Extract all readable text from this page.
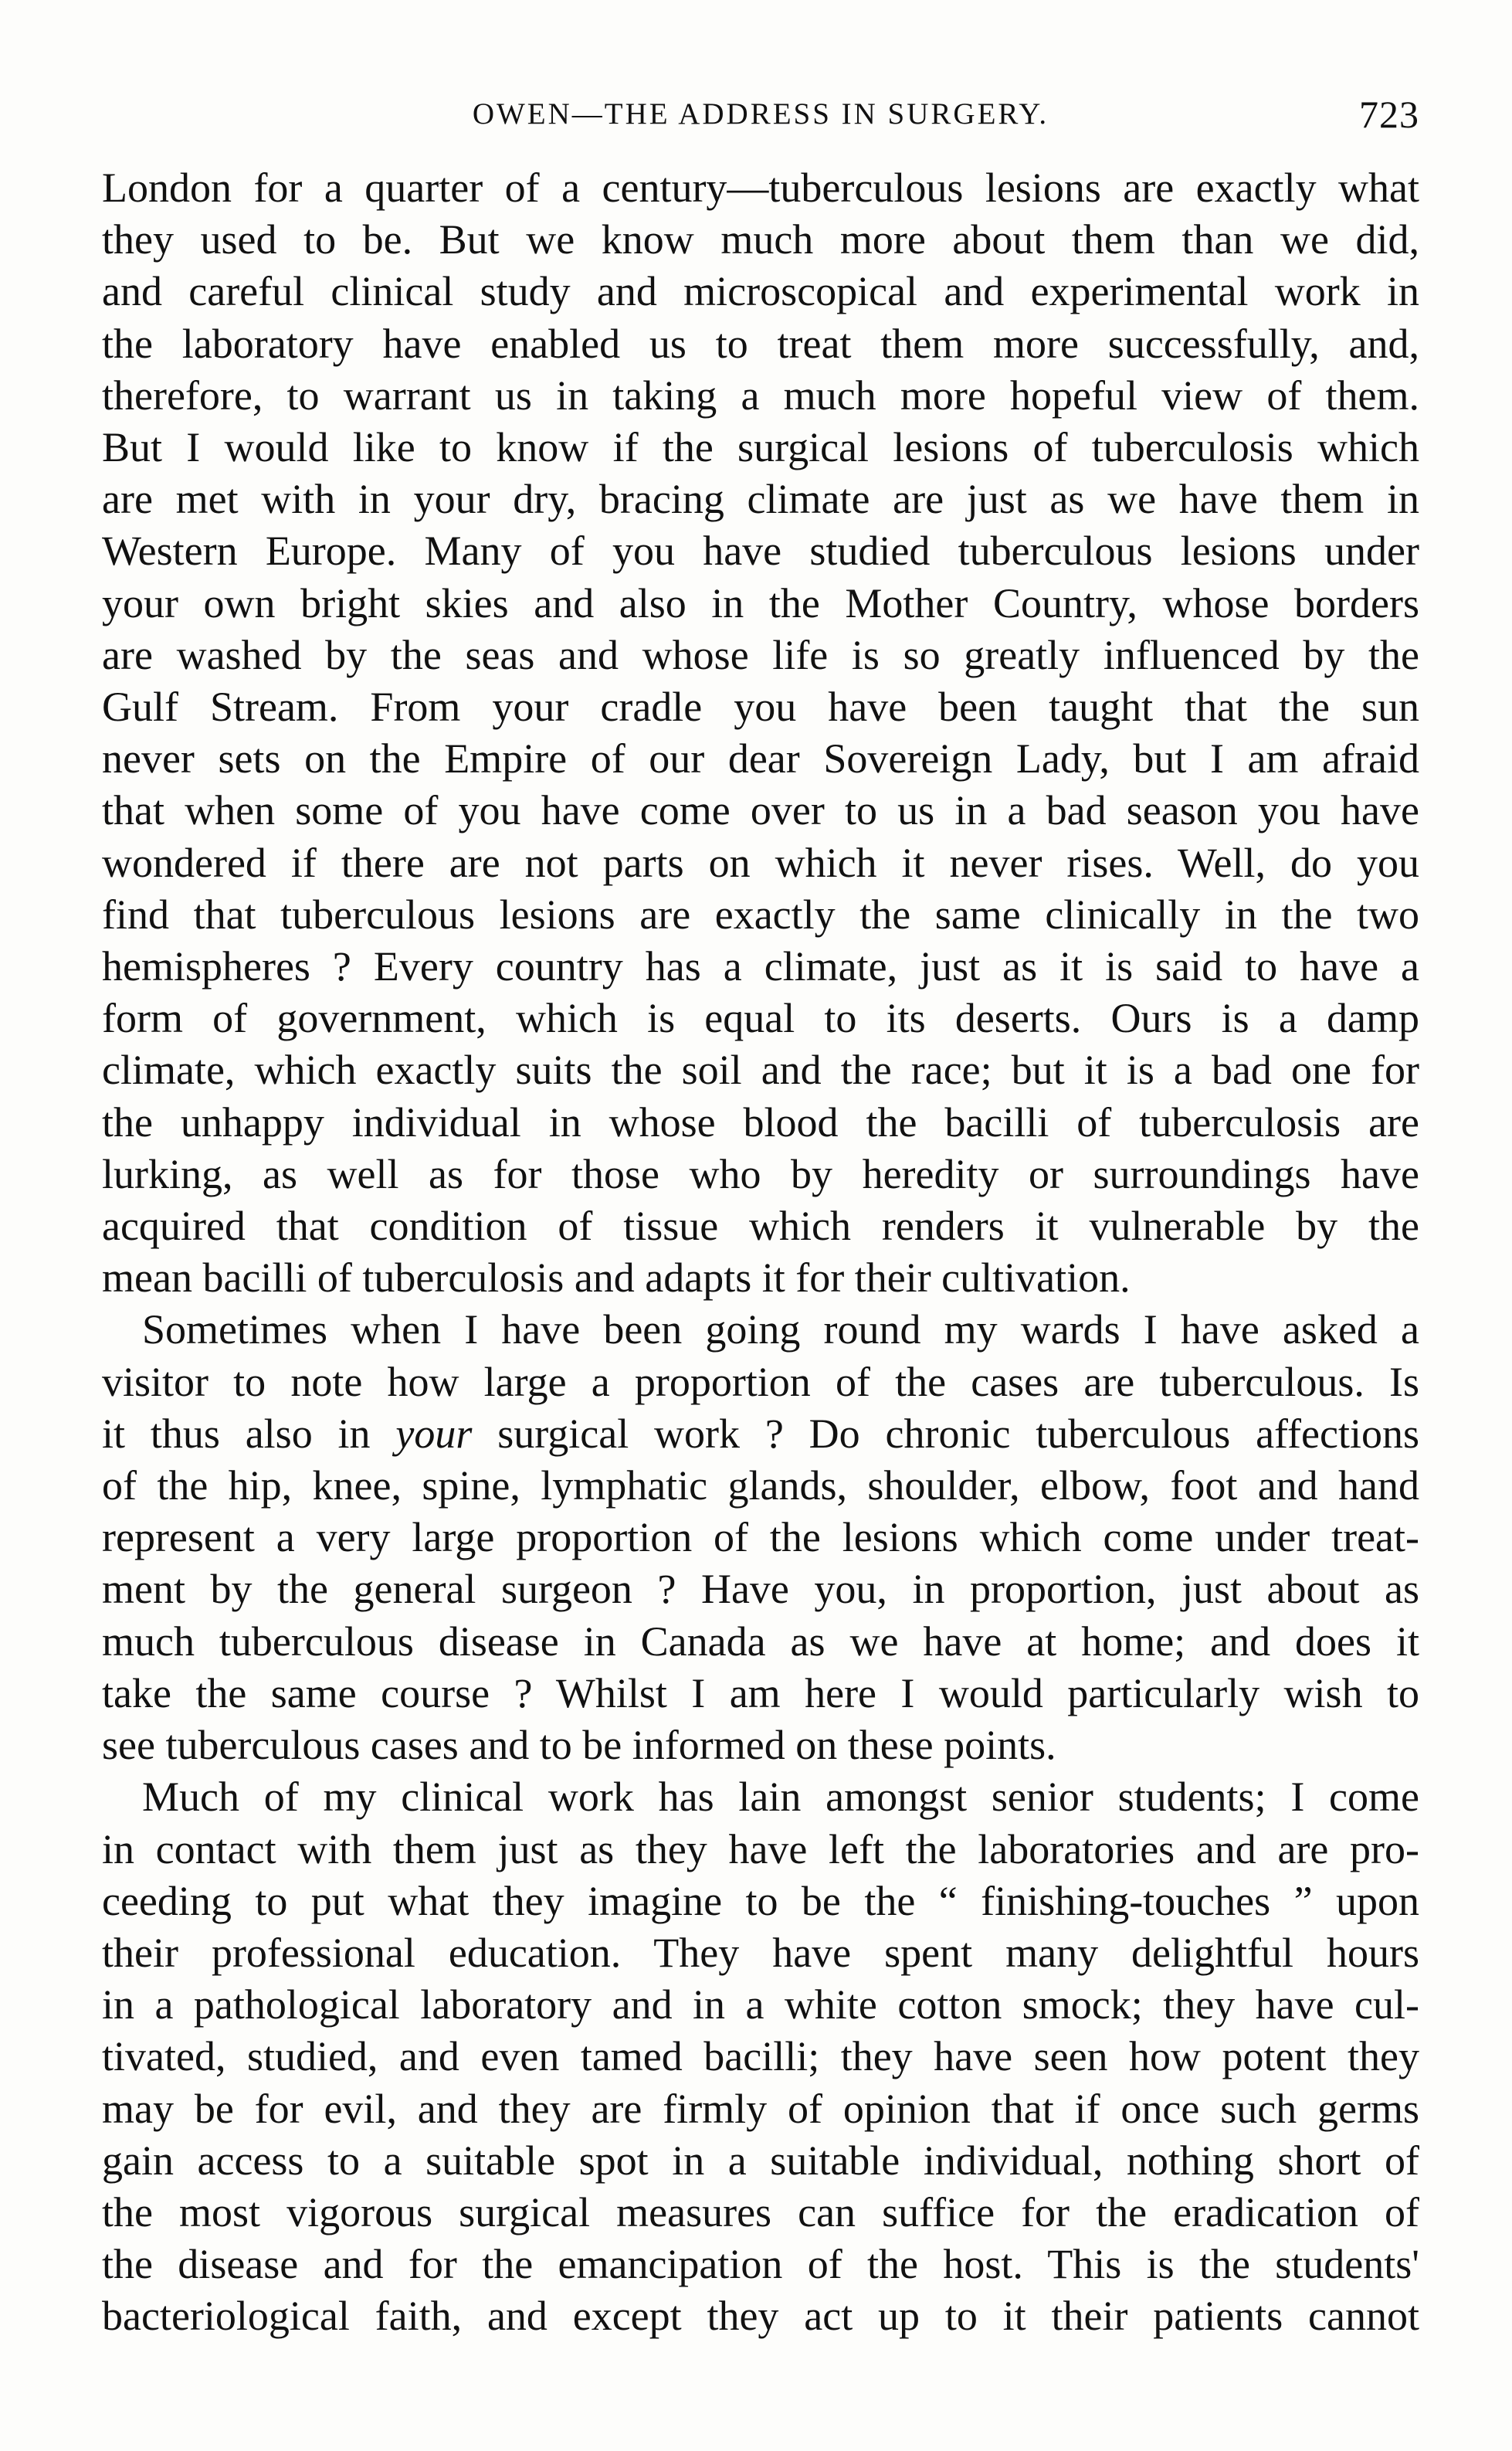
OWEN—THE ADDRESS IN SURGERY.	723

London for a quarter of a century—tuberculous lesions are exactly what
they used to be. But we know much more about them than we did,
and careful clinical study and microscopical and experimental work in
the laboratory have enabled us to treat them more successfully, and,
therefore, to warrant us in taking a much more hopeful view of them.
But I would like to know if the surgical lesions of tuberculosis which
are met with in your dry, bracing climate are just as we have them in
Western Europe. Many of you have studied tuberculous lesions under
your own bright skies and also in the Mother Country, whose borders
are washed by the seas and whose life is so greatly influenced by the
Gulf Stream. From your cradle you have been taught that the sun
never sets on the Empire of our dear Sovereign Lady, but I am afraid
that when some of you have come over to us in a bad season you have
wondered if there are not parts on which it never rises. Well, do you
find that tuberculous lesions are exactly the same clinically in the two
hemispheres ? Every country has a climate, just as it is said to have a
form of government, which is equal to its deserts. Ours is a damp
climate, which exactly suits the soil and the race; but it is a bad one for
the unhappy individual in whose blood the bacilli of tuberculosis are
lurking, as well as for those who by heredity or surroundings have
acquired that condition of tissue which renders it vulnerable by the
mean bacilli of tuberculosis and adapts it for their cultivation.

Sometimes when I have been going round my wards I have asked a
visitor to note how large a proportion of the cases are tuberculous. Is
it thus also in your surgical work ? Do chronic tuberculous affections
of the hip, knee, spine, lymphatic glands, shoulder, elbow, foot and hand
represent a very large proportion of the lesions which come under treat-
ment by the general surgeon ? Have you, in proportion, just about as
much tuberculous disease in Canada as we have at home; and does it
take the same course ? Whilst I am here I would particularly wish to
see tuberculous cases and to be informed on these points.

Much of my clinical work has lain amongst senior students; I come
in contact with them just as they have left the laboratories and are pro-
ceeding to put what they imagine to be the “ finishing-touches ” upon
their professional education. They have spent many delightful hours
in a pathological laboratory and in a white cotton smock; they have cul-
tivated, studied, and even tamed bacilli; they have seen how potent they
may be for evil, and they are firmly of opinion that if once such germs
gain access to a suitable spot in a suitable individual, nothing short of
the most vigorous surgical measures can suffice for the eradication of
the disease and for the emancipation of the host. This is the students'
bacteriological faith, and except they act up to it their patients cannot
